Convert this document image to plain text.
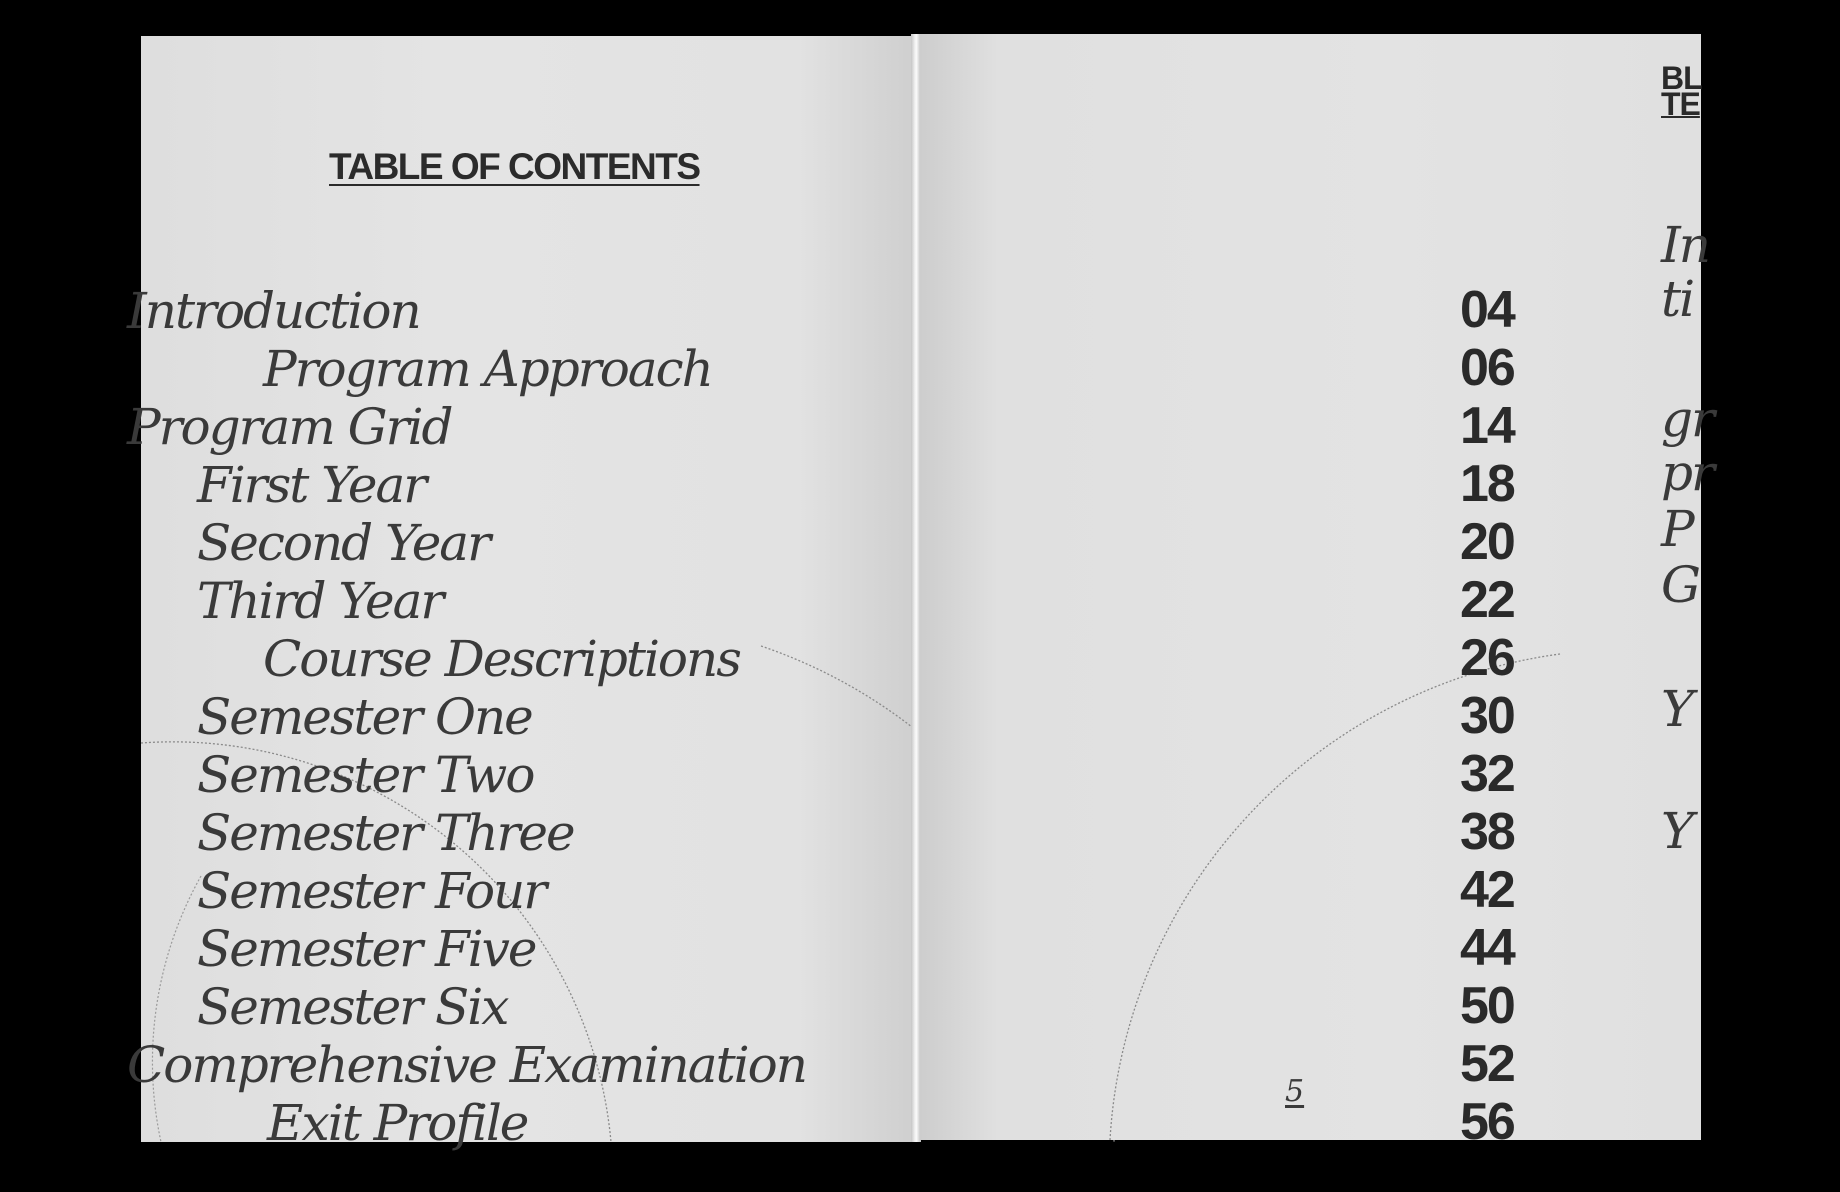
TABLE OF CONTENTS
Introduction
Program Approach
Program Grid
First Year
Second Year
Third Year
Course Descriptions
Semester One
Semester Two
Semester Three
Semester Four
Semester Five
Semester Six
Comprehensive Examination
Exit Profile
04
06
14
18
20
22
26
30
32
38
42
44
50
52
56
5
BL
TE
In
ti
gr
pr
P
G
Y
Y
